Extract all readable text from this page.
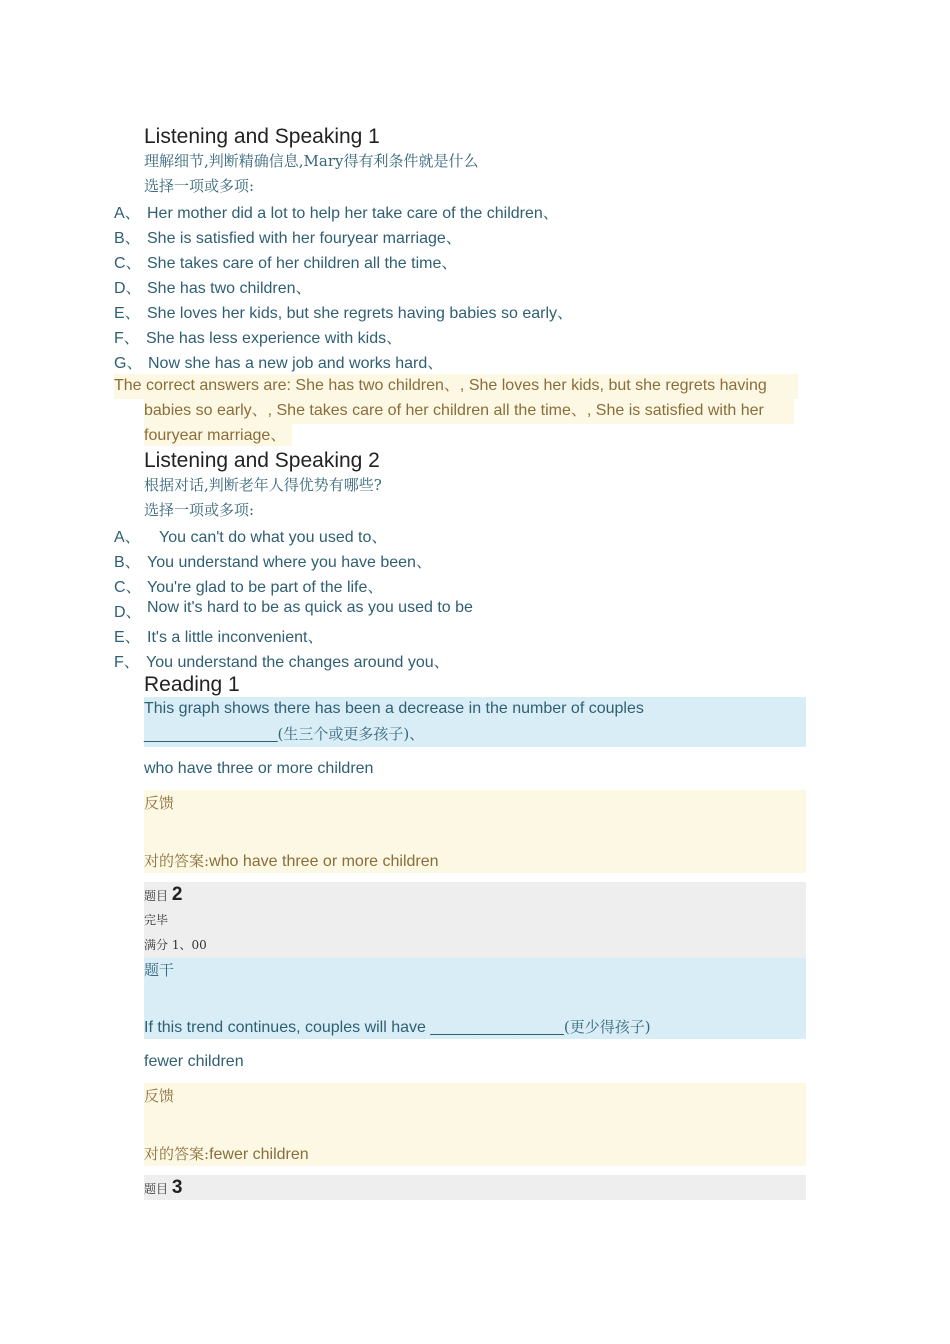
Listening and Speaking 1
理解细节,判断精确信息,Mary得有利条件就是什么
选择一项或多项:
A、 Her mother did a lot to help her take care of the children、
B、 She is satisfied with her fouryear marriage、
C、 She takes care of her children all the time、
D、 She has two children、
E、 She loves her kids, but she regrets having babies so early、
F、 She has less experience with kids、
G、 Now she has a new job and works hard、
The correct answers are: She has two children、, She loves her kids, but she regrets having
babies so early、, She takes care of her children all the time、, She is satisfied with her
fouryear marriage、
Listening and Speaking 2
根据对话,判断老年人得优势有哪些?
选择一项或多项:
A、 You can't do what you used to、
B、 You understand where you have been、
C、 You're glad to be part of the life、
D、 Now it's hard to be as quick as you used to be
E、 It's a little inconvenient、
F、 You understand the changes around you、
Reading 1
This graph shows there has been a decrease in the number of couples
_______________(生三个或更多孩子)、
who have three or more children
反馈
对的答案:who have three or more children
题目 2
完毕
满分 1、00
题干
If this trend continues, couples will have _______________(更少得孩子)
fewer children
反馈
对的答案:fewer children
题目 3
